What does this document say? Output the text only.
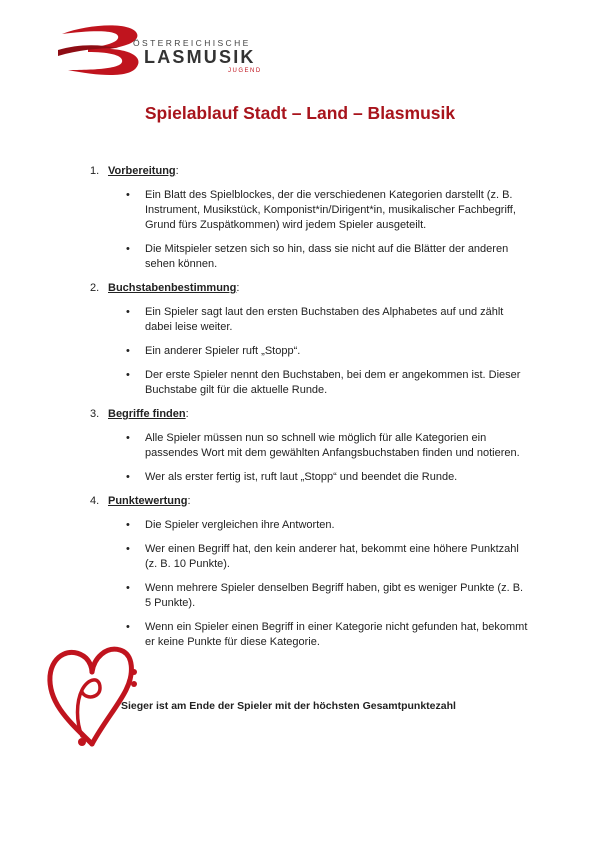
ÖSTERREICHISCHE
LASMUSIK
JUGEND
Spielablauf Stadt – Land – Blasmusik
1. Vorbereitung :
• Ein Blatt des Spielblockes, der die verschiedenen Kategorien darstellt (z. B. Instrument, Musikstück, Komponist*in/Dirigent*in, musikalischer Fachbegriff, Grund fürs Zuspätkommen) wird jedem Spieler ausgeteilt.
• Die Mitspieler setzen sich so hin, dass sie nicht auf die Blätter der anderen sehen können.
2. Buchstabenbestimmung :
• Ein Spieler sagt laut den ersten Buchstaben des Alphabetes auf und zählt dabei leise weiter.
• Ein anderer Spieler ruft „Stopp“.
• Der erste Spieler nennt den Buchstaben, bei dem er angekommen ist. Dieser Buchstabe gilt für die aktuelle Runde.
3. Begriffe finden :
• Alle Spieler müssen nun so schnell wie möglich für alle Kategorien ein passendes Wort mit dem gewählten Anfangsbuchstaben finden und notieren.
• Wer als erster fertig ist, ruft laut „Stopp“ und beendet die Runde.
4. Punktewertung :
• Die Spieler vergleichen ihre Antworten.
• Wer einen Begriff hat, den kein anderer hat, bekommt eine höhere Punktzahl (z. B. 10 Punkte).
• Wenn mehrere Spieler denselben Begriff haben, gibt es weniger Punkte (z. B. 5 Punkte).
• Wenn ein Spieler einen Begriff in einer Kategorie nicht gefunden hat, bekommt er keine Punkte für diese Kategorie.
Sieger ist am Ende der Spieler mit der höchsten Gesamtpunktezahl
